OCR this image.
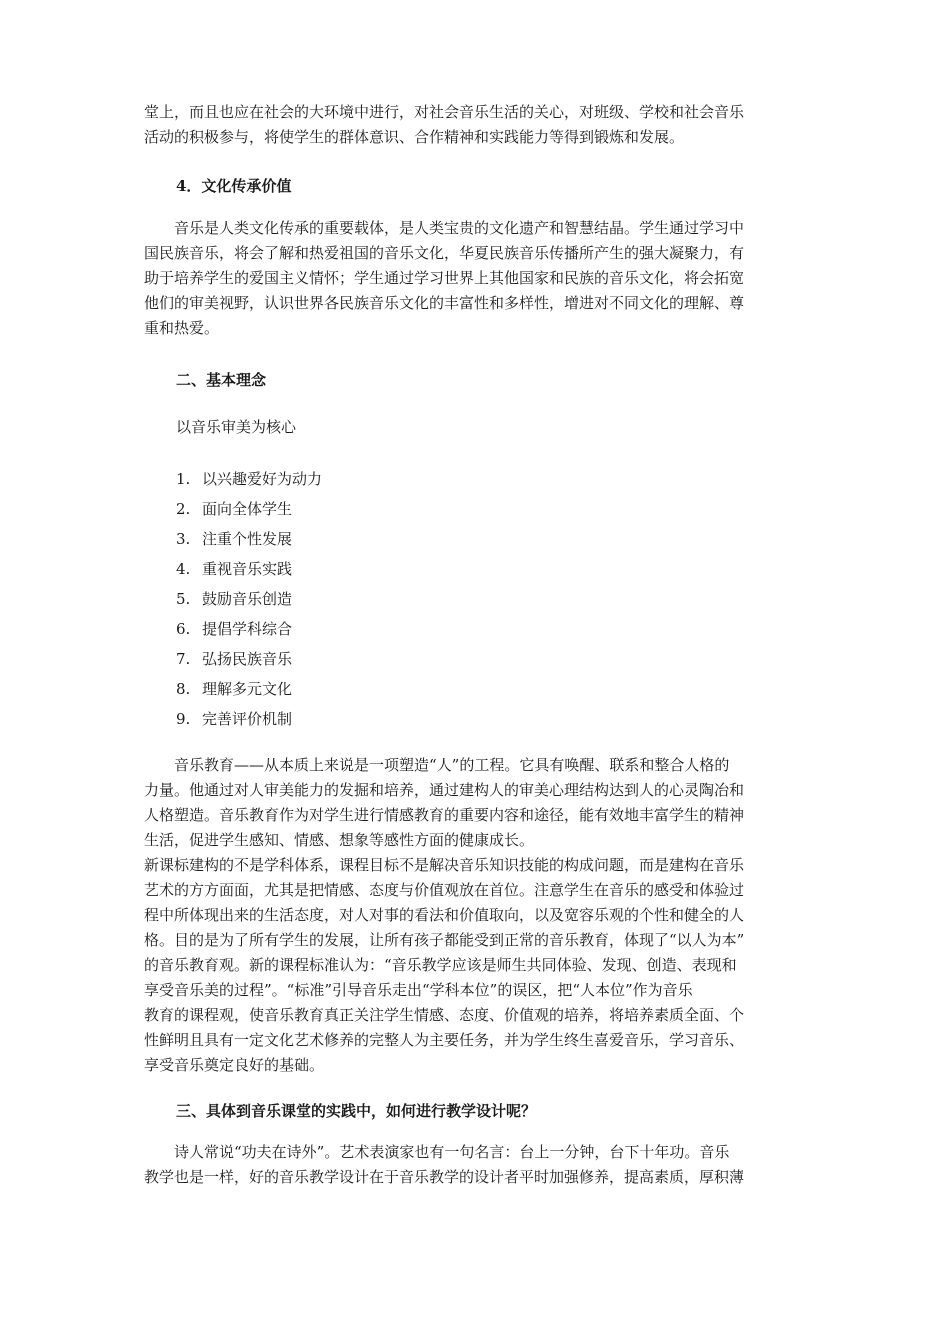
堂上，而且也应在社会的大环境中进行，对社会音乐生活的关心，对班级、学校和社会音乐
活动的积极参与，将使学生的群体意识、合作精神和实践能力等得到锻炼和发展。
4．文化传承价值
　　音乐是人类文化传承的重要载体，是人类宝贵的文化遗产和智慧结晶。学生通过学习中
国民族音乐，将会了解和热爱祖国的音乐文化，华夏民族音乐传播所产生的强大凝聚力，有
助于培养学生的爱国主义情怀；学生通过学习世界上其他国家和民族的音乐文化，将会拓宽
他们的审美视野，认识世界各民族音乐文化的丰富性和多样性，增进对不同文化的理解、尊
重和热爱。
二、基本理念

以音乐审美为核心

1. 以兴趣爱好为动力
2. 面向全体学生
3. 注重个性发展
4. 重视音乐实践
5. 鼓励音乐创造
6. 提倡学科综合
7. 弘扬民族音乐
8. 理解多元文化
9. 完善评价机制
　　音乐教育——从本质上来说是一项塑造“人”的工程。它具有唤醒、联系和整合人格的
力量。他通过对人审美能力的发掘和培养，通过建构人的审美心理结构达到人的心灵陶冶和
人格塑造。音乐教育作为对学生进行情感教育的重要内容和途径，能有效地丰富学生的精神
生活，促进学生感知、情感、想象等感性方面的健康成长。
新课标建构的不是学科体系，课程目标不是解决音乐知识技能的构成问题，而是建构在音乐
艺术的方方面面，尤其是把情感、态度与价值观放在首位。注意学生在音乐的感受和体验过
程中所体现出来的生活态度，对人对事的看法和价值取向，以及宽容乐观的个性和健全的人
格。目的是为了所有学生的发展，让所有孩子都能受到正常的音乐教育，体现了“以人为本”
的音乐教育观。新的课程标准认为：“音乐教学应该是师生共同体验、发现、创造、表现和
享受音乐美的过程”。“标准”引导音乐走出“学科本位”的误区，把“人本位”作为音乐
教育的课程观，使音乐教育真正关注学生情感、态度、价值观的培养，将培养素质全面、个
性鲜明且具有一定文化艺术修养的完整人为主要任务，并为学生终生喜爱音乐，学习音乐、
享受音乐奠定良好的基础。
三、具体到音乐课堂的实践中，如何进行教学设计呢？
　　诗人常说“功夫在诗外”。艺术表演家也有一句名言：台上一分钟，台下十年功。音乐
教学也是一样，好的音乐教学设计在于音乐教学的设计者平时加强修养，提高素质，厚积薄
